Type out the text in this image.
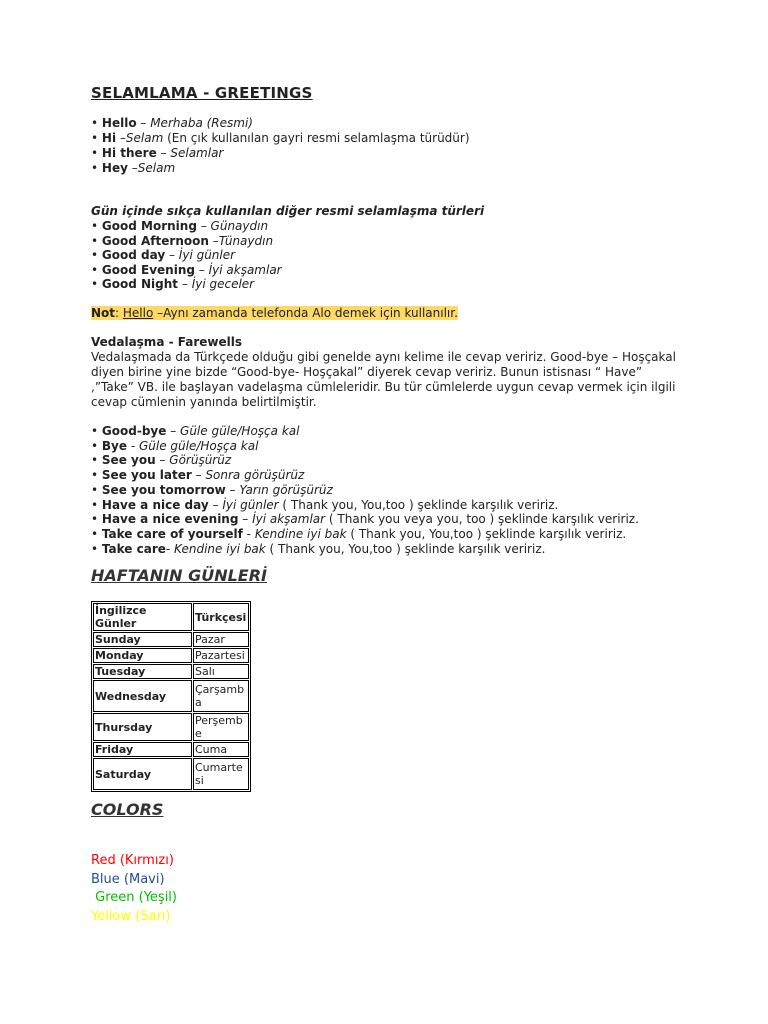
SELAMLAMA - GREETINGS
• Hello – Merhaba (Resmi)
• Hi –Selam (En çık kullanılan gayri resmi selamlaşma türüdür)
• Hi there – Selamlar
• Hey –Selam
Gün içinde sıkça kullanılan diğer resmi selamlaşma türleri
• Good Morning – Günaydın
• Good Afternoon –Tünaydın
• Good day – İyi günler
• Good Evening – İyi akşamlar
• Good Night – İyi geceler
Not: Hello –Aynı zamanda telefonda Alo demek için kullanılır.
Vedalaşma - Farewells
Vedalaşmada da Türkçede olduğu gibi genelde aynı kelime ile cevap veririz. Good-bye – Hoşçakal diyen birine yine bizde “Good-bye- Hoşçakal” diyerek cevap veririz. Bunun istisnası “ Have” ,”Take” VB. ile başlayan vadelaşma cümleleridir. Bu tür cümlelerde uygun cevap vermek için ilgili cevap cümlenin yanında belirtilmiştir.
• Good-bye – Güle güle/Hoşça kal
• Bye - Güle güle/Hoşça kal
• See you – Görüşürüz
• See you later – Sonra görüşürüz
• See you tomorrow – Yarın görüşürüz
• Have a nice day – İyi günler ( Thank you, You,too ) şeklinde karşılık veririz.
• Have a nice evening – İyi akşamlar ( Thank you veya you, too ) şeklinde karşılık veririz.
• Take care of yourself - Kendine iyi bak ( Thank you, You,too ) şeklinde karşılık veririz.
• Take care- Kendine iyi bak ( Thank you, You,too ) şeklinde karşılık veririz.
HAFTANIN GÜNLERİ
İngilizce Günler	Türkçesi
Sunday	Pazar
Monday	Pazartesi
Tuesday	Salı
Wednesday	Çarşamba
Thursday	Perşembe
Friday	Cuma
Saturday	Cumartesi
COLORS
Red (Kırmızı)
Blue (Mavi)
Green (Yeşil)
Yellow (Sarı)
